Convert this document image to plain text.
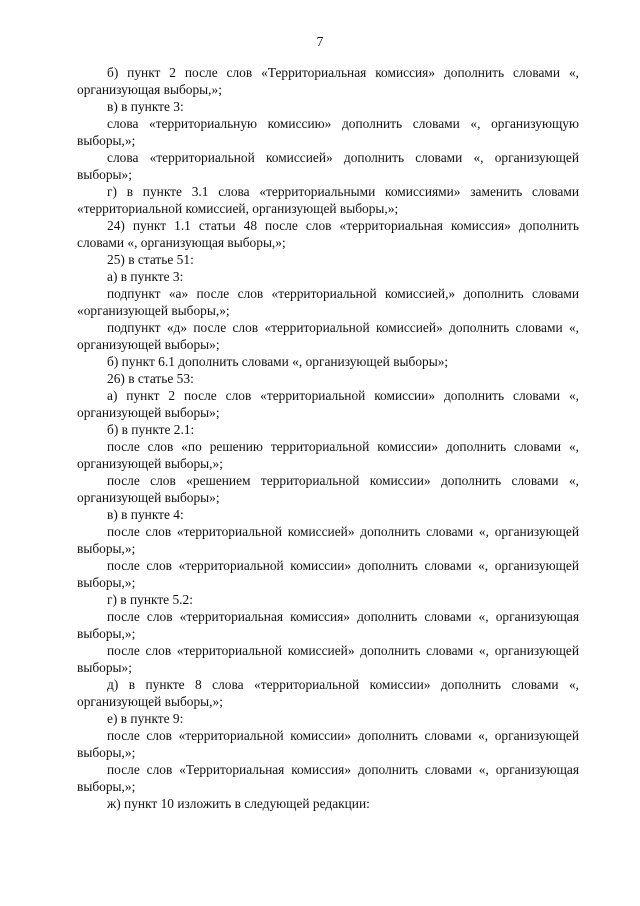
7

б) пункт 2 после слов «Территориальная комиссия» дополнить словами «, организующая выборы,»;

в) в пункте 3:

слова «территориальную комиссию» дополнить словами «, организующую выборы,»;

слова «территориальной комиссией» дополнить словами «, организующей выборы»;

г) в пункте 3.1 слова «территориальными комиссиями» заменить словами «территориальной комиссией, организующей выборы,»;

24) пункт 1.1 статьи 48 после слов «территориальная комиссия» дополнить словами «, организующая выборы,»;

25) в статье 51:

а) в пункте 3:

подпункт «а» после слов «территориальной комиссией,» дополнить словами «организующей выборы,»;

подпункт «д» после слов «территориальной комиссией» дополнить словами «, организующей выборы»;

б) пункт 6.1 дополнить словами «, организующей выборы»;

26) в статье 53:

а) пункт 2 после слов «территориальной комиссии» дополнить словами «, организующей выборы»;

б) в пункте 2.1:

после слов «по решению территориальной комиссии» дополнить словами «, организующей выборы,»;

после слов «решением территориальной комиссии» дополнить словами «, организующей выборы»;

в) в пункте 4:

после слов «территориальной комиссией» дополнить словами «, организующей выборы,»;

после слов «территориальной комиссии» дополнить словами «, организующей выборы,»;

г) в пункте 5.2:

после слов «территориальная комиссия» дополнить словами «, организующая выборы,»;

после слов «территориальной комиссией» дополнить словами «, организующей выборы»;

д) в пункте 8 слова «территориальной комиссии» дополнить словами «, организующей выборы,»;

е) в пункте 9:

после слов «территориальной комиссии» дополнить словами «, организующей выборы,»;

после слов «Территориальная комиссия» дополнить словами «, организующая выборы,»;

ж) пункт 10 изложить в следующей редакции:
